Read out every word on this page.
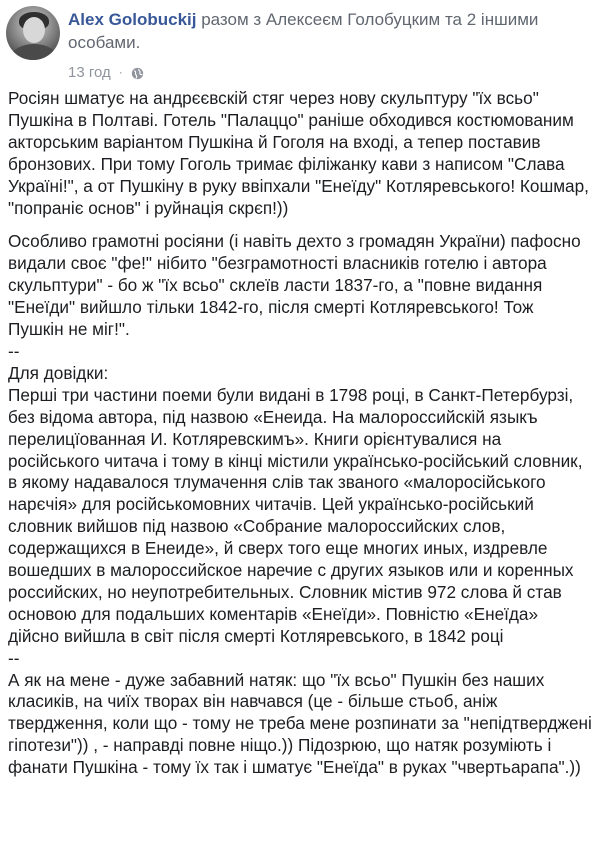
Alex Golobuckij разом з Алексеєм Голобуцким та 2 іншими особами.
13 год ·

Росіян шматує на андрєєвскій стяг через нову скульптуру "їх всьо"
Пушкіна в Полтаві. Готель "Палаццо" раніше обходився костюмованим
акторським варіантом Пушкіна й Гоголя на вході, а тепер поставив
бронзових. При тому Гоголь тримає філіжанку кави з написом "Слава
Україні!", а от Пушкіну в руку ввіпхали "Енеїду" Котляревського! Кошмар,
"попраніє основ" і руйнація скрєп!))

Особливо грамотні росіяни (і навіть дехто з громадян України) пафосно
видали своє "фе!" нібито "безграмотності власників готелю і автора
скульптури" - бо ж "їх всьо" склеїв ласти 1837-го, а "повне видання
"Енеїди" вийшло тільки 1842-го, після смерті Котляревського! Тож
Пушкін не міг!".

--
Для довідки:
Перші три частини поеми були видані в 1798 році, в Санкт-Петербурзі,
без відома автора, під назвою «Енеида. На малороссийскій языкъ
перелицїованная И. Котляревскимъ». Книги орієнтувалися на
російського читача і тому в кінці містили українсько-російський словник,
в якому надавалося тлумачення слів так званого «малоросійського
нарєчія» для російськомовних читачів. Цей українсько-російський
словник вийшов під назвою «Собрание малороссийских слов,
содержащихся в Енеиде», й сверх того еще многих иных, издревле
вошедших в малороссийское наречие с других языков или и коренных
российских, но неупотребительных. Словник містив 972 слова й став
основою для подальших коментарів «Енеїди». Повністю «Енеїда»
дійсно вийшла в світ після смерті Котляревського, в 1842 році
--
А як на мене - дуже забавний натяк: що "їх всьо" Пушкін без наших
класиків, на чиїх творах він навчався (це - більше стьоб, аніж
твердження, коли що - тому не треба мене розпинати за "непідтверджені
гіпотези")) , - направді повне ніщо.)) Підозрюю, що натяк розуміють і
фанати Пушкіна - тому їх так і шматує "Енеїда" в руках "чвертьарапа".))
